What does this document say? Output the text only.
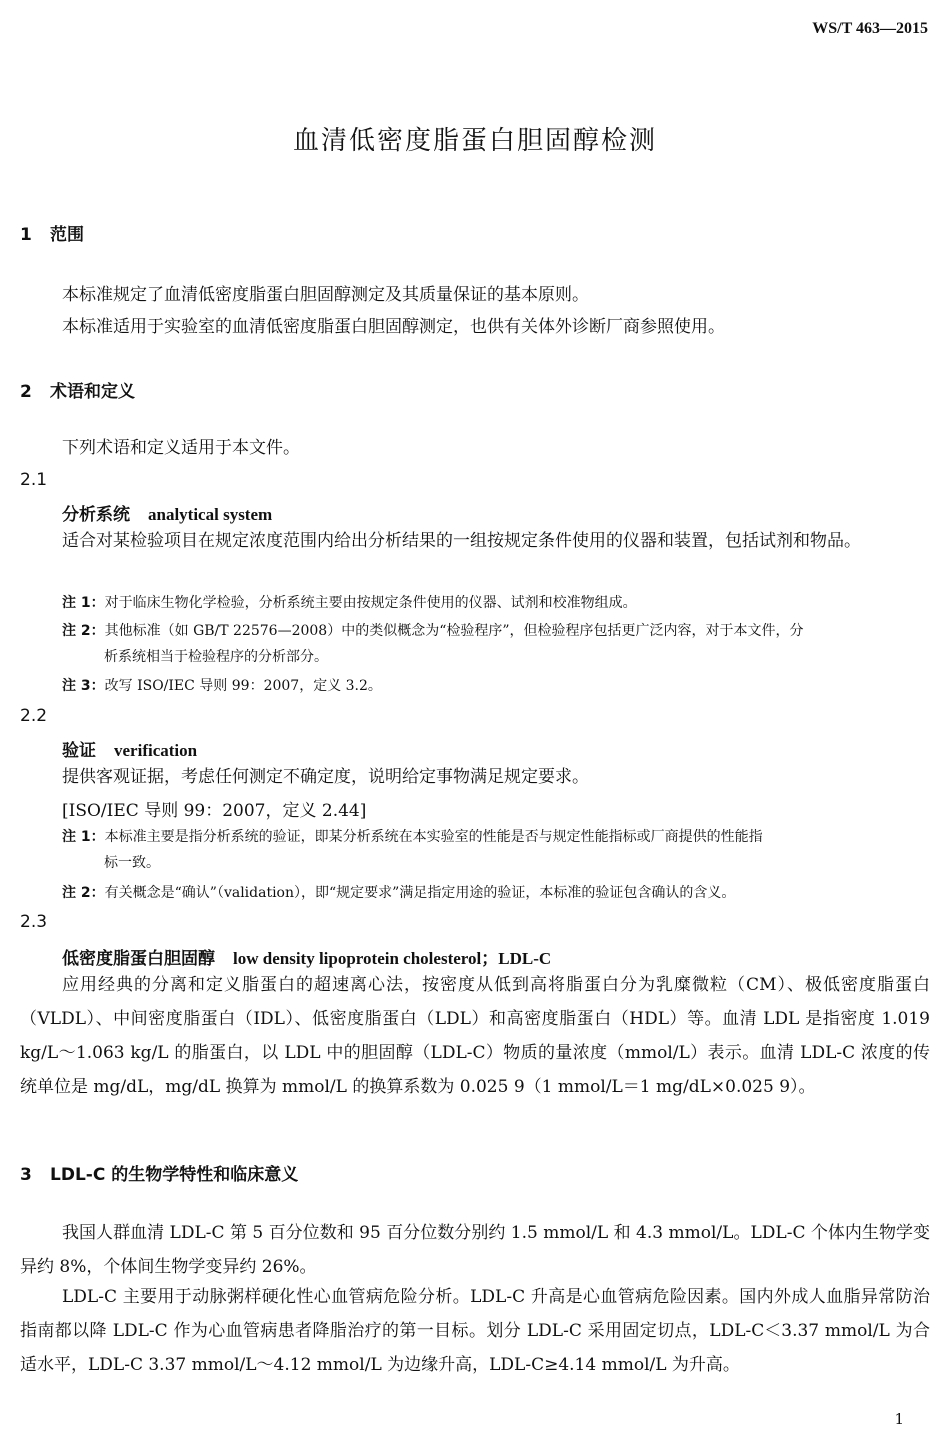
WS/T 463—2015
血清低密度脂蛋白胆固醇检测
1 范围
本标准规定了血清低密度脂蛋白胆固醇测定及其质量保证的基本原则。
本标准适用于实验室的血清低密度脂蛋白胆固醇测定，也供有关体外诊断厂商参照使用。
2 术语和定义
下列术语和定义适用于本文件。
2.1
分析系统 analytical system
适合对某检验项目在规定浓度范围内给出分析结果的一组按规定条件使用的仪器和装置，包括试剂和物品。
注 1：对于临床生物化学检验，分析系统主要由按规定条件使用的仪器、试剂和校准物组成。
注 2：其他标准（如 GB/T 22576—2008）中的类似概念为“检验程序”，但检验程序包括更广泛内容，对于本文件，分
析系统相当于检验程序的分析部分。
注 3：改写 ISO/IEC 导则 99：2007，定义 3.2。
2.2
验证 verification
提供客观证据，考虑任何测定不确定度，说明给定事物满足规定要求。
[ISO/IEC 导则 99：2007，定义 2.44]
注 1：本标准主要是指分析系统的验证，即某分析系统在本实验室的性能是否与规定性能指标或厂商提供的性能指
标一致。
注 2：有关概念是“确认”（validation），即“规定要求”满足指定用途的验证，本标准的验证包含确认的含义。
2.3
低密度脂蛋白胆固醇 low density lipoprotein cholesterol；LDL-C
应用经典的分离和定义脂蛋白的超速离心法，按密度从低到高将脂蛋白分为乳糜微粒（CM）、极低密度脂蛋白（VLDL）、中间密度脂蛋白（IDL）、低密度脂蛋白（LDL）和高密度脂蛋白（HDL）等。血清 LDL 是指密度 1.019 kg/L～1.063 kg/L 的脂蛋白，以 LDL 中的胆固醇（LDL-C）物质的量浓度（mmol/L）表示。血清 LDL-C 浓度的传统单位是 mg/dL，mg/dL 换算为 mmol/L 的换算系数为 0.025 9（1 mmol/L＝1 mg/dL×0.025 9）。
3 LDL-C 的生物学特性和临床意义
我国人群血清 LDL-C 第 5 百分位数和 95 百分位数分别约 1.5 mmol/L 和 4.3 mmol/L。LDL-C 个体内生物学变异约 8%，个体间生物学变异约 26%。
LDL-C 主要用于动脉粥样硬化性心血管病危险分析。LDL-C 升高是心血管病危险因素。国内外成人血脂异常防治指南都以降 LDL-C 作为心血管病患者降脂治疗的第一目标。划分 LDL-C 采用固定切点，LDL-C＜3.37 mmol/L 为合适水平，LDL-C 3.37 mmol/L～4.12 mmol/L 为边缘升高，LDL-C≥4.14 mmol/L 为升高。
1
